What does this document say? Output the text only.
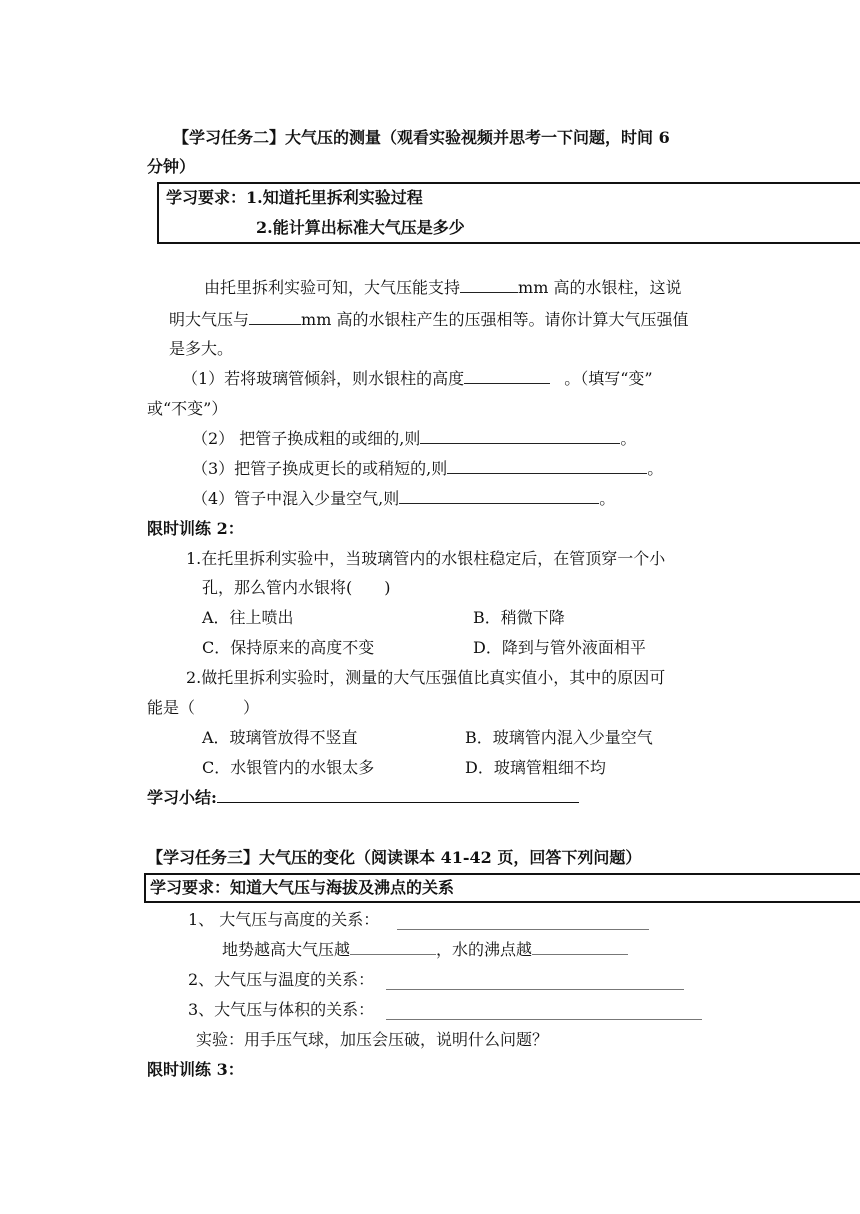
【学习任务二】大气压的测量（观看实验视频并思考一下问题，时间 6
分钟）
学习要求：1.知道托里拆利实验过程
2.能计算出标准大气压是多少
由托里拆利实验可知，大气压能支持	mm 高的水银柱，这说
明大气压与	mm 高的水银柱产生的压强相等。请你计算大气压强值
是多大。
（1）若将玻璃管倾斜，则水银柱的高度	。（填写“变”
或“不变”）
（2） 把管子换成粗的或细的,则	。
（3）把管子换成更长的或稍短的,则	。
（4）管子中混入少量空气,则	。
限时训练 2：
1.在托里拆利实验中，当玻璃管内的水银柱稳定后，在管顶穿一个小
孔，那么管内水银将(　　)
A．往上喷出	B．稍微下降
C．保持原来的高度不变	D．降到与管外液面相平
2.做托里拆利实验时，测量的大气压强值比真实值小，其中的原因可
能是（　　　）
A．玻璃管放得不竖直	B．玻璃管内混入少量空气
C．水银管内的水银太多	D．玻璃管粗细不均
学习小结:
【学习任务三】大气压的变化（阅读课本 41-42 页，回答下列问题）
学习要求：知道大气压与海拔及沸点的关系
1、 大气压与高度的关系：
地势越高大气压越	，水的沸点越
2、大气压与温度的关系：
3、大气压与体积的关系：
实验：用手压气球，加压会压破，说明什么问题？
限时训练 3：
